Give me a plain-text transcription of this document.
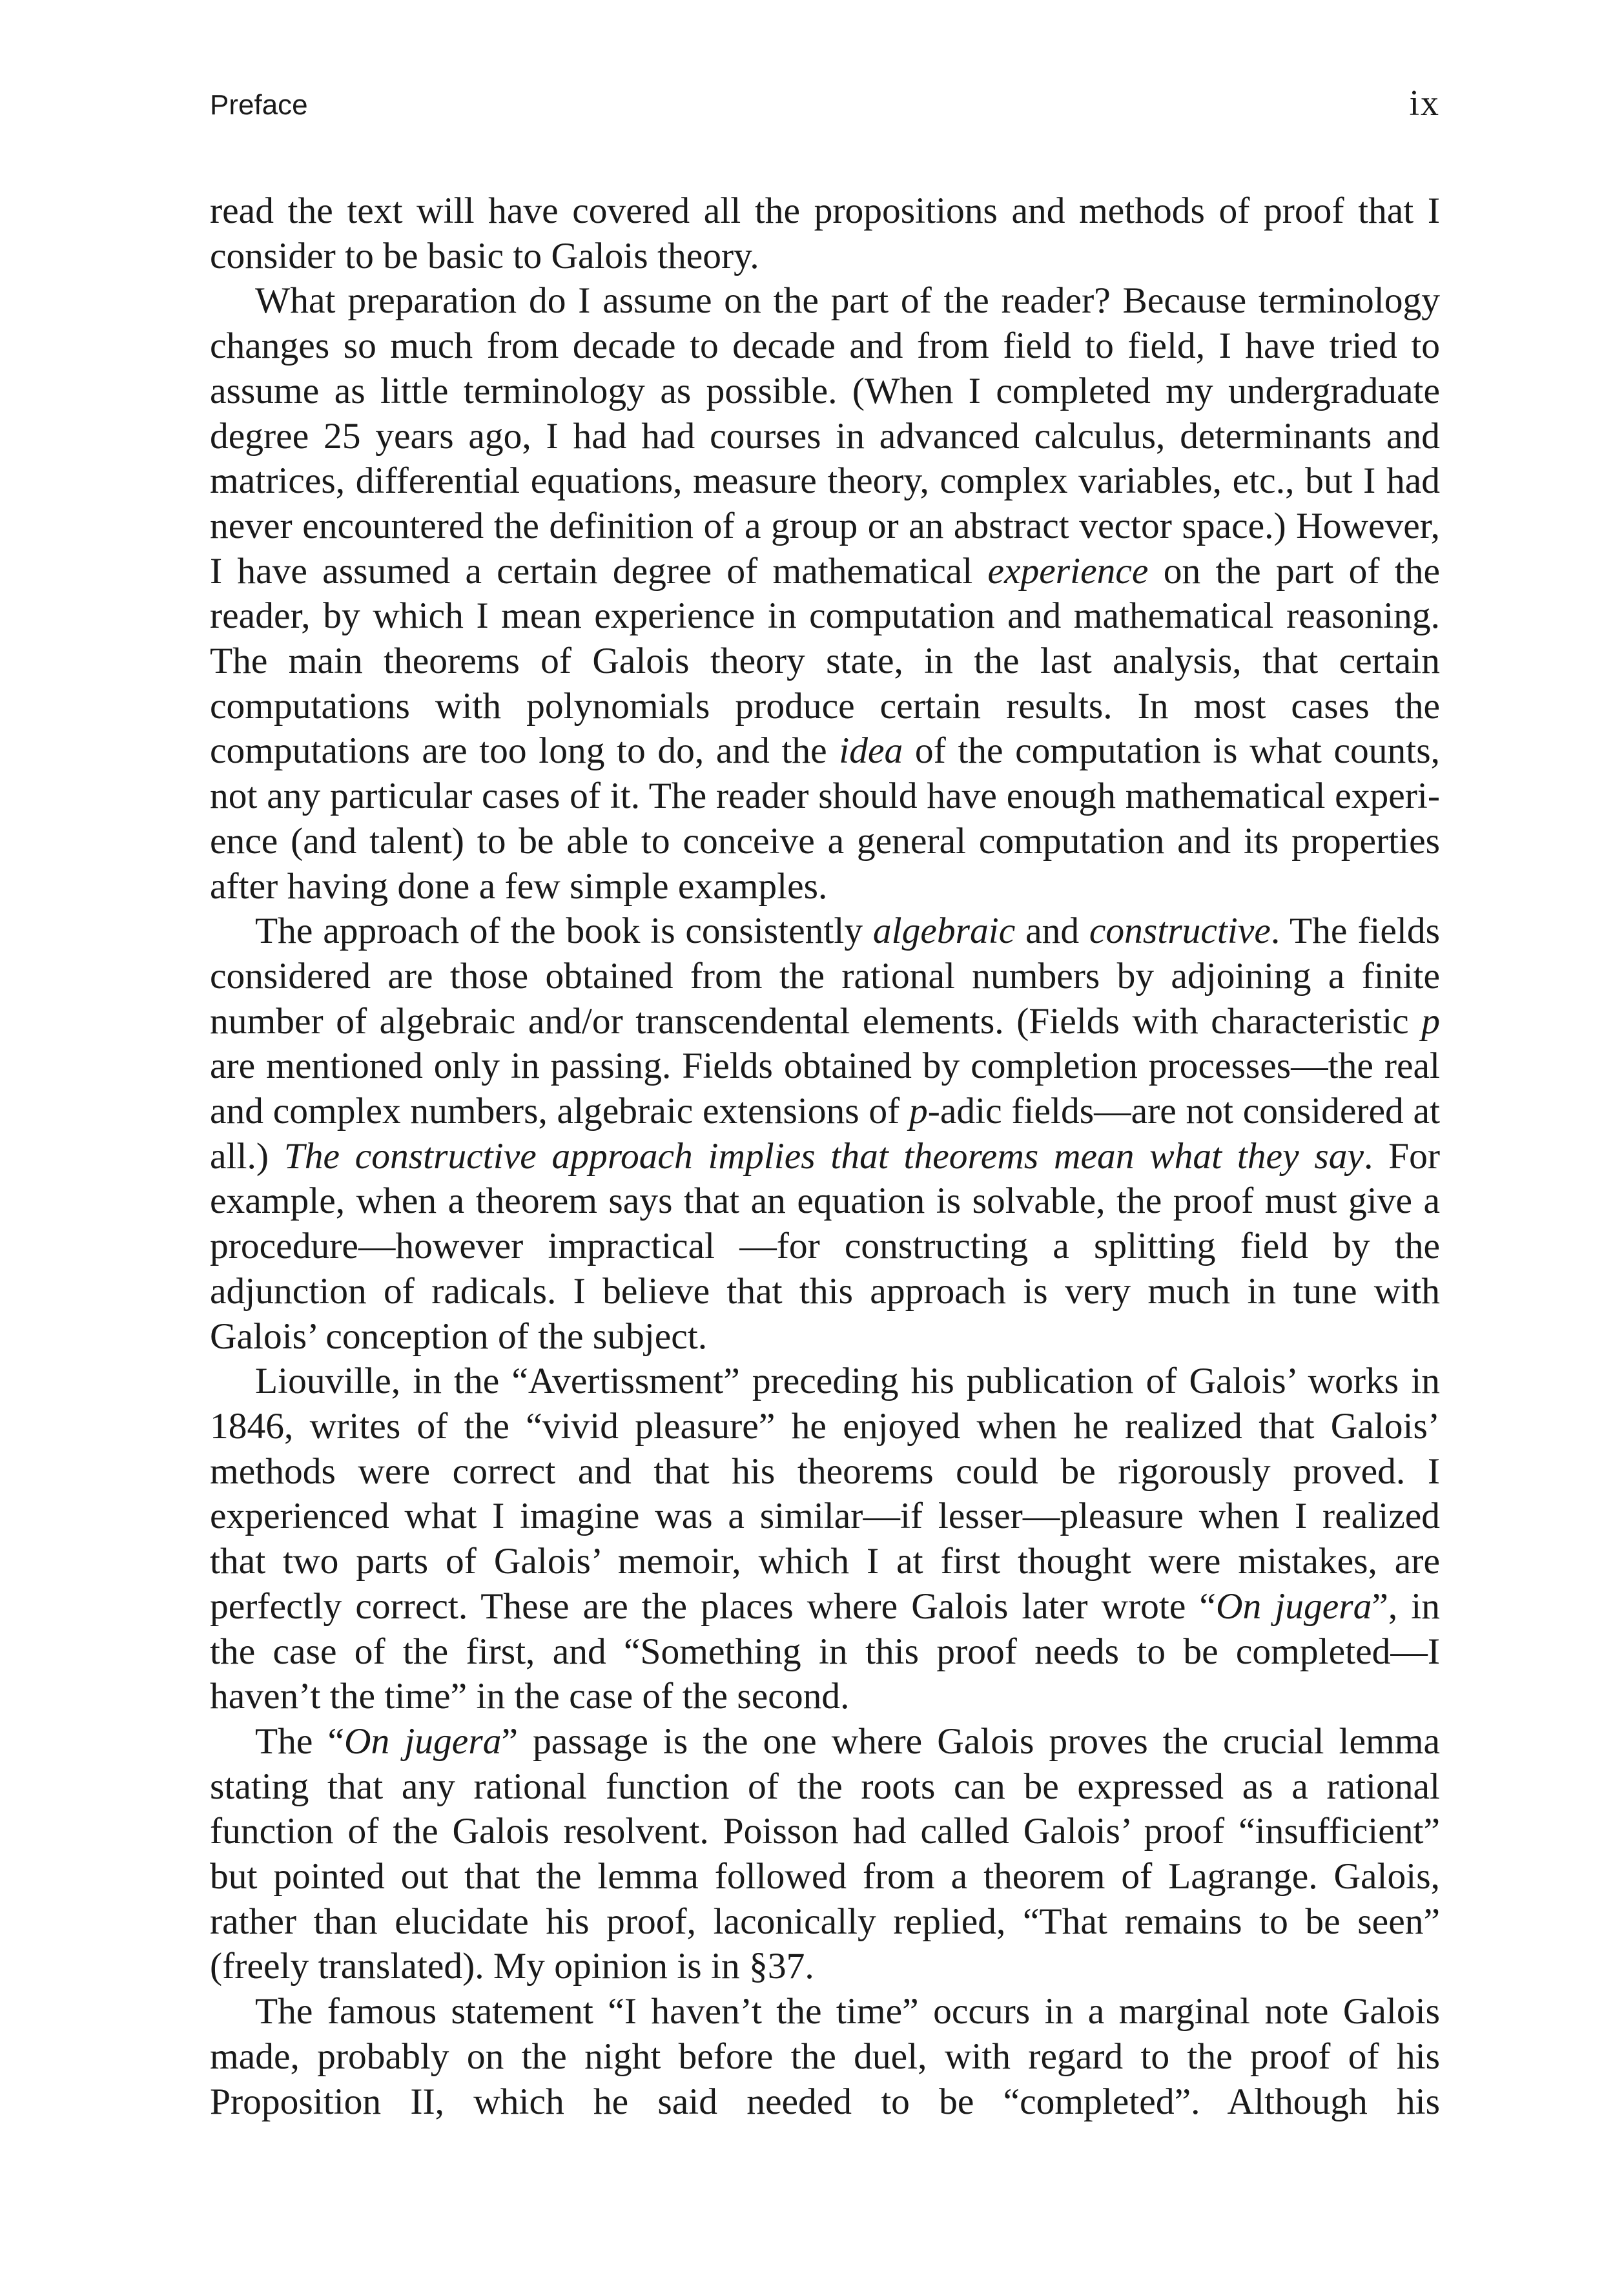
Preface	ix

read the text will have covered all the propositions and methods of proof that I consider to be basic to Galois theory.

What preparation do I assume on the part of the reader? Because terminology changes so much from decade to decade and from field to field, I have tried to assume as little terminology as possible. (When I completed my undergraduate degree 25 years ago, I had had courses in advanced calculus, determinants and matrices, differential equations, measure theory, complex variables, etc., but I had never encountered the definition of a group or an abstract vector space.) However, I have assumed a certain degree of mathematical experience on the part of the reader, by which I mean experience in computation and mathematical reasoning. The main theorems of Galois theory state, in the last analysis, that certain computations with polynomials produce certain results. In most cases the computations are too long to do, and the idea of the computation is what counts, not any particular cases of it. The reader should have enough mathematical experience (and talent) to be able to conceive a general computation and its properties after having done a few simple examples.

The approach of the book is consistently algebraic and constructive. The fields considered are those obtained from the rational numbers by adjoining a finite number of algebraic and/or transcendental elements. (Fields with characteristic p are mentioned only in passing. Fields obtained by completion processes—the real and complex numbers, algebraic extensions of p-adic fields—are not considered at all.) The constructive approach implies that theorems mean what they say. For example, when a theorem says that an equation is solvable, the proof must give a procedure—however impractical —for constructing a splitting field by the adjunction of radicals. I believe that this approach is very much in tune with Galois’ conception of the subject.

Liouville, in the “Avertissment” preceding his publication of Galois’ works in 1846, writes of the “vivid pleasure” he enjoyed when he realized that Galois’ methods were correct and that his theorems could be rigorously proved. I experienced what I imagine was a similar—if lesser—pleasure when I realized that two parts of Galois’ memoir, which I at first thought were mistakes, are perfectly correct. These are the places where Galois later wrote “On jugera”, in the case of the first, and “Something in this proof needs to be completed—I haven’t the time” in the case of the second.

The “On jugera” passage is the one where Galois proves the crucial lemma stating that any rational function of the roots can be expressed as a rational function of the Galois resolvent. Poisson had called Galois’ proof “insufficient” but pointed out that the lemma followed from a theorem of Lagrange. Galois, rather than elucidate his proof, laconically replied, “That remains to be seen” (freely translated). My opinion is in §37.

The famous statement “I haven’t the time” occurs in a marginal note Galois made, probably on the night before the duel, with regard to the proof of his Proposition II, which he said needed to be “completed”. Although his
